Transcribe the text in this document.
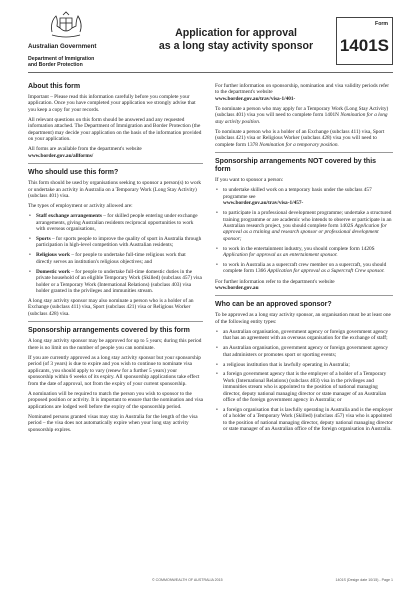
Australian Government
Department of Immigration
and Border Protection
Application for approval
as a long stay activity sponsor
Form
1401S
About this form

Important – Please read this information carefully before you complete your application. Once you have completed your application we strongly advise that you keep a copy for your records.

All relevant questions on this form should be answered and any requested information attached. The Department of Immigration and Border Protection (the department) may decide your application on the basis of the information provided on your application.

All forms are available from the department's website
www.border.gov.au/allforms/

Who should use this form?

This form should be used by organisations seeking to sponsor a person(s) to work or undertake an activity in Australia on a Temporary Work (Long Stay Activity) (subclass 401) visa.

The types of employment or activity allowed are:

• Staff exchange arrangements – for skilled people entering under exchange arrangements, giving Australian residents reciprocal opportunities to work with overseas organisations,
• Sports – for sports people to improve the quality of sport in Australia through participation in high-level competition with Australian residents;
• Religious work – for people to undertake full-time religious work that directly serves an institution's religious objectives; and
• Domestic work – for people to undertake full-time domestic duties in the private household of an eligible Temporary Work (Skilled) (subclass 457) visa holder or a Temporary Work (International Relations) (subclass 403) visa holder granted in the privileges and immunities stream.

A long stay activity sponsor may also nominate a person who is a holder of an Exchange (subclass 411) visa, Sport (subclass 421) visa or Religious Worker (subclass 428) visa.

Sponsorship arrangements covered by this form

A long stay activity sponsor may be approved for up to 5 years; during this period there is no limit on the number of people you can nominate.

If you are currently approved as a long stay activity sponsor but your sponsorship period (of 3 years) is due to expire and you wish to continue to nominate visa applicants, you should apply to vary (renew for a further 5 years) your sponsorship within 6 weeks of its expiry. All sponsorship applications take effect from the date of approval, not from the expiry of your current sponsorship.

A nomination will be required to match the person you wish to sponsor to the proposed position or activity. It is important to ensure that the nomination and visa applications are lodged well before the expiry of the sponsorship period.

Nominated persons granted visas may stay in Australia for the length of the visa period – the visa does not automatically expire when your long stay activity sponsorship expires.

For further information on sponsorship, nomination and visa validity periods refer to the department's website
www.border.gov.au/trav/visa-1/401-

To nominate a person who may apply for a Temporary Work (Long Stay Activity) (subclass 401) visa you will need to complete form 1401N Nomination for a long stay activity position.

To nominate a person who is a holder of an Exchange (subclass 411) visa, Sport (subclass 421) visa or Religious Worker (subclass 428) visa you will need to complete form 1378 Nomination for a temporary position.

Sponsorship arrangements NOT covered by this form

If you want to sponsor a person:

• to undertake skilled work on a temporary basis under the subclass 457 programme see
www.border.gov.au/trav/visa-1/457-
• to participate in a professional development programme; undertake a structured training programme or are academic who intends to observe or participate in an Australian research project, you should complete form 1402S Application for approval as a training and research sponsor or professional development sponsor;
• to work in the entertainment industry, you should complete form 1420S Application for approval as an entertainment sponsor.
• to work in Australia as a supercraft crew member on a supercraft, you should complete form 1366 Application for approval as a Supercraft Crew sponsor.

For further information refer to the department's website
www.border.gov.au

Who can be an approved sponsor?

To be approved as a long stay activity sponsor, an organisation must be at least one of the following entity types:

• an Australian organisation, government agency or foreign government agency that has an agreement with an overseas organisation for the exchange of staff;
• an Australian organisation, government agency or foreign government agency that administers or promotes sport or sporting events;
• a religious institution that is lawfully operating in Australia;
• a foreign government agency that is the employer of a holder of a Temporary Work (International Relations) (subclass 403) visa in the privileges and immunities stream who is appointed to the position of national managing director, deputy national managing director or state manager of an Australian office of the foreign government agency in Australia; or
• a foreign organisation that is lawfully operating in Australia and is the employer of a holder of a Temporary Work (Skilled) (subclass 457) visa who is appointed to the position of national managing director, deputy national managing director or state manager of an Australian office of the foreign organisation in Australia.
© COMMONWEALTH OF AUSTRALIA 2015	1401S (Design date 10/15) - Page 1
